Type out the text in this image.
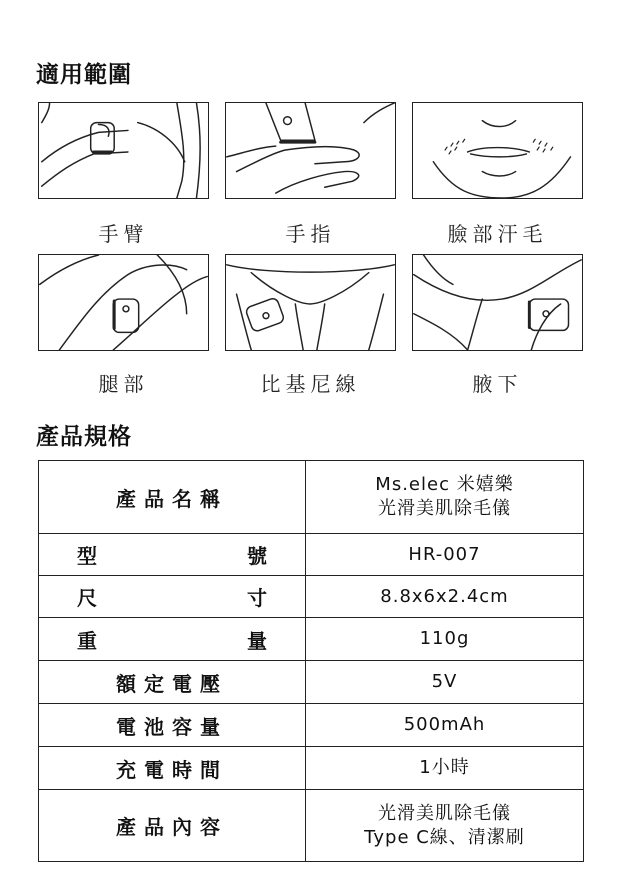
適用範圍
手臂	手指	臉部汗毛
腿部	比基尼線	腋下
產品規格
產品名稱	Ms.elec 米嬉樂
光滑美肌除毛儀

型 號	HR-007

尺 寸	8.8x6x2.4cm

重 量	110g
額定電壓	5V
電池容量	500mAh
充電時間	1小時
產品內容	光滑美肌除毛儀
Type C線、清潔刷
